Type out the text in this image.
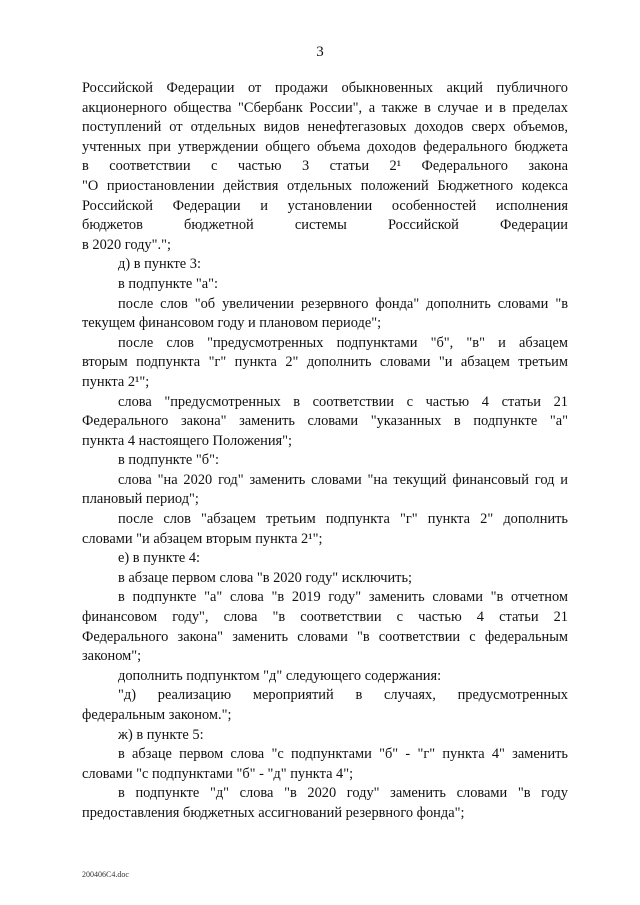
3
Российской Федерации от продажи обыкновенных акций публичного
акционерного общества "Сбербанк России", а также в случае и в пределах
поступлений от отдельных видов ненефтегазовых доходов сверх объемов,
учтенных при утверждении общего объема доходов федерального бюджета
в соответствии с частью 3 статьи 2¹ Федерального закона
"О приостановлении действия отдельных положений Бюджетного кодекса
Российской Федерации и установлении особенностей исполнения
бюджетов бюджетной системы Российской Федерации
в 2020 году".";
д) в пункте 3:
в подпункте "а":
после слов "об увеличении резервного фонда" дополнить словами "в
текущем финансовом году и плановом периоде";
после слов "предусмотренных подпунктами "б", "в" и абзацем
вторым подпункта "г" пункта 2" дополнить словами "и абзацем третьим
пункта 2¹";
слова "предусмотренных в соответствии с частью 4 статьи 21
Федерального закона" заменить словами "указанных в подпункте "а"
пункта 4 настоящего Положения";
в подпункте "б":
слова "на 2020 год" заменить словами "на текущий финансовый год и
плановый период";
после слов "абзацем третьим подпункта "г" пункта 2" дополнить
словами "и абзацем вторым пункта 2¹";
е) в пункте 4:
в абзаце первом слова "в 2020 году" исключить;
в подпункте "а" слова "в 2019 году" заменить словами "в отчетном
финансовом году", слова "в соответствии с частью 4 статьи 21
Федерального закона" заменить словами "в соответствии с федеральным
законом";
дополнить подпунктом "д" следующего содержания:
"д) реализацию мероприятий в случаях, предусмотренных
федеральным законом.";
ж) в пункте 5:
в абзаце первом слова "с подпунктами "б" - "г" пункта 4" заменить
словами "с подпунктами "б" - "д" пункта 4";
в подпункте "д" слова "в 2020 году" заменить словами "в году
предоставления бюджетных ассигнований резервного фонда";
200406С4.doc
